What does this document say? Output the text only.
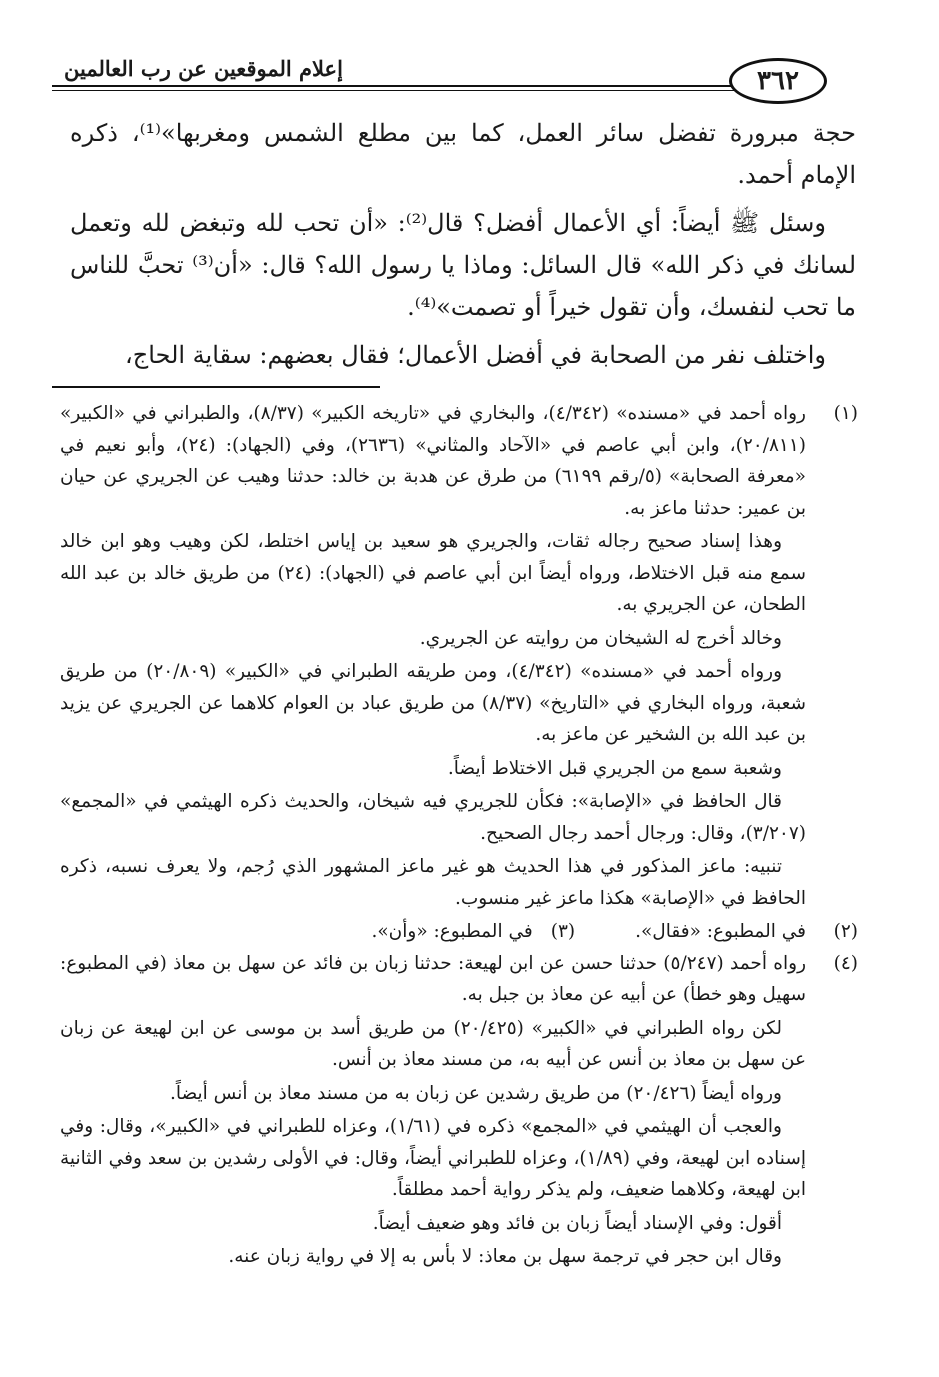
٣٦٢
إعلام الموقعين عن رب العالمين

حجة مبرورة تفضل سائر العمل، كما بين مطلع الشمس ومغربها»⁽¹⁾، ذكره الإمام أحمد.

وسئل ﷺ أيضاً: أي الأعمال أفضل؟ قال⁽²⁾: «أن تحب لله وتبغض لله وتعمل لسانك في ذكر الله» قال السائل: وماذا يا رسول الله؟ قال: «أن⁽³⁾ تحبَّ للناس ما تحب لنفسك، وأن تقول خيراً أو تصمت»⁽⁴⁾.

واختلف نفر من الصحابة في أفضل الأعمال؛ فقال بعضهم: سقاية الحاج،

(١)

رواه أحمد في «مسنده» (٤/٣٤٢)، والبخاري في «تاريخه الكبير» (٨/٣٧)، والطبراني في «الكبير» (٢٠/٨١١)، وابن أبي عاصم في «الآحاد والمثاني» (٢٦٣٦)، وفي (الجهاد): (٢٤)، وأبو نعيم في «معرفة الصحابة» (٥/رقم ٦١٩٩) من طرق عن هدبة بن خالد: حدثنا وهيب عن الجريري عن حيان بن عمير: حدثنا ماعز به.

وهذا إسناد صحيح رجاله ثقات، والجريري هو سعيد بن إياس اختلط، لكن وهيب وهو ابن خالد سمع منه قبل الاختلاط، ورواه أيضاً ابن أبي عاصم في (الجهاد): (٢٤) من طريق خالد بن عبد الله الطحان، عن الجريري به.

وخالد أخرج له الشيخان من روايته عن الجريري.

ورواه أحمد في «مسنده» (٤/٣٤٢)، ومن طريقه الطبراني في «الكبير» (٢٠/٨٠٩) من طريق شعبة، ورواه البخاري في «التاريخ» (٨/٣٧) من طريق عباد بن العوام كلاهما عن الجريري عن يزيد بن عبد الله بن الشخير عن ماعز به.

وشعبة سمع من الجريري قبل الاختلاط أيضاً.

قال الحافظ في «الإصابة»: فكأن للجريري فيه شيخان، والحديث ذكره الهيثمي في «المجمع» (٣/٢٠٧)، وقال: ورجال أحمد رجال الصحيح.

تنبيه: ماعز المذكور في هذا الحديث هو غير ماعز المشهور الذي رُجم، ولا يعرف نسبه، ذكره الحافظ في «الإصابة» هكذا ماعز غير منسوب.

(٢)
في المطبوع: «فقال».
(٣)
في المطبوع: «وأن».
(٤)

رواه أحمد (٥/٢٤٧) حدثنا حسن عن ابن لهيعة: حدثنا زبان بن فائد عن سهل بن معاذ (في المطبوع: سهيل وهو خطأ) عن أبيه عن معاذ بن جبل به.

لكن رواه الطبراني في «الكبير» (٢٠/٤٢٥) من طريق أسد بن موسى عن ابن لهيعة عن زبان عن سهل بن معاذ بن أنس عن أبيه به، من مسند معاذ بن أنس.

ورواه أيضاً (٢٠/٤٢٦) من طريق رشدين عن زبان به من مسند معاذ بن أنس أيضاً.

والعجب أن الهيثمي في «المجمع» ذكره في (١/٦١)، وعزاه للطبراني في «الكبير»، وقال: وفي إسناده ابن لهيعة، وفي (١/٨٩)، وعزاه للطبراني أيضاً، وقال: في الأولى رشدين بن سعد وفي الثانية ابن لهيعة، وكلاهما ضعيف، ولم يذكر رواية أحمد مطلقاً.

أقول: وفي الإسناد أيضاً زبان بن فائد وهو ضعيف أيضاً.

وقال ابن حجر في ترجمة سهل بن معاذ: لا بأس به إلا في رواية زبان عنه.
